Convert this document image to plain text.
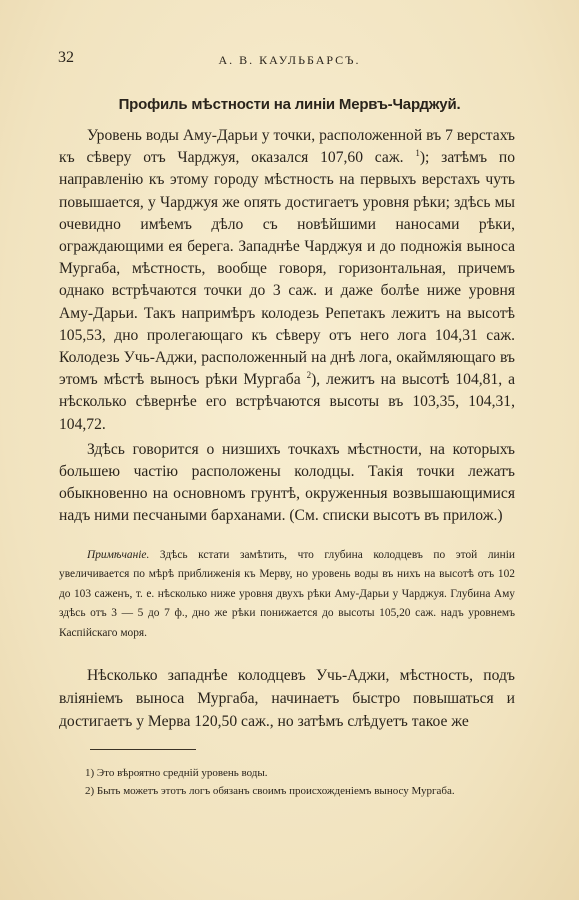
32	А. В. КАУЛЬБАРСЪ.
Профиль мѣстности на линіи Мервъ-Чарджуй.

Уровень воды Аму-Дарьи у точки, расположенной въ 7 верстахъ къ сѣверу отъ Чарджуя, оказался 107,60 саж. $^1$); затѣмъ по направленію къ этому городу мѣстность на первыхъ верстахъ чуть повышается, у Чарджуя же опять достигаетъ уровня рѣки; здѣсь мы очевидно имѣемъ дѣло съ новѣйшими наносами рѣки, ограждающими ея берега. Западнѣе Чарджуя и до подножія выноса Мургаба, мѣстность, вообще говоря, горизонтальная, причемъ однако встрѣчаются точки до 3 саж. и даже болѣе ниже уровня Аму-Дарьи. Такъ напримѣръ колодезь Репетакъ лежитъ на высотѣ 105,53, дно пролегающаго къ сѣверу отъ него лога 104,31 саж. Колодезь Учь-Аджи, расположенный на днѣ лога, окаймляющаго въ этомъ мѣстѣ выносъ рѣки Мургаба $^2$), лежитъ на высотѣ 104,81, а нѣсколько сѣвернѣе его встрѣчаются высоты въ 103,35, 104,31, 104,72.

Здѣсь говорится о низшихъ точкахъ мѣстности, на которыхъ большею частію расположены колодцы. Такія точки лежатъ обыкновенно на основномъ грунтѣ, окруженныя возвышающимися надъ ними песчаными барханами. (См. списки высотъ въ прилож.)

Примѣчаніе. Здѣсь кстати замѣтить, что глубина колодцевъ по этой линіи увеличивается по мѣрѣ приближенія къ Мерву, но уровень воды въ нихъ на высотѣ отъ 102 до 103 саженъ, т. е. нѣсколько ниже уровня двухъ рѣки Аму-Дарьи у Чарджуя. Глубина Аму здѣсь отъ 3 — 5 до 7 ф., дно же рѣки понижается до высоты 105,20 саж. надъ уровнемъ Каспійскаго моря.

Нѣсколько западнѣе колодцевъ Учь-Аджи, мѣстность, подъ вліяніемъ выноса Мургаба, начинаетъ быстро повышаться и достигаетъ у Мерва 120,50 саж., но затѣмъ слѣдуетъ такое же

1) Это вѣроятно средній уровень воды.

2) Быть можетъ этотъ логъ обязанъ своимъ происхожденіемъ выносу Мургаба.
